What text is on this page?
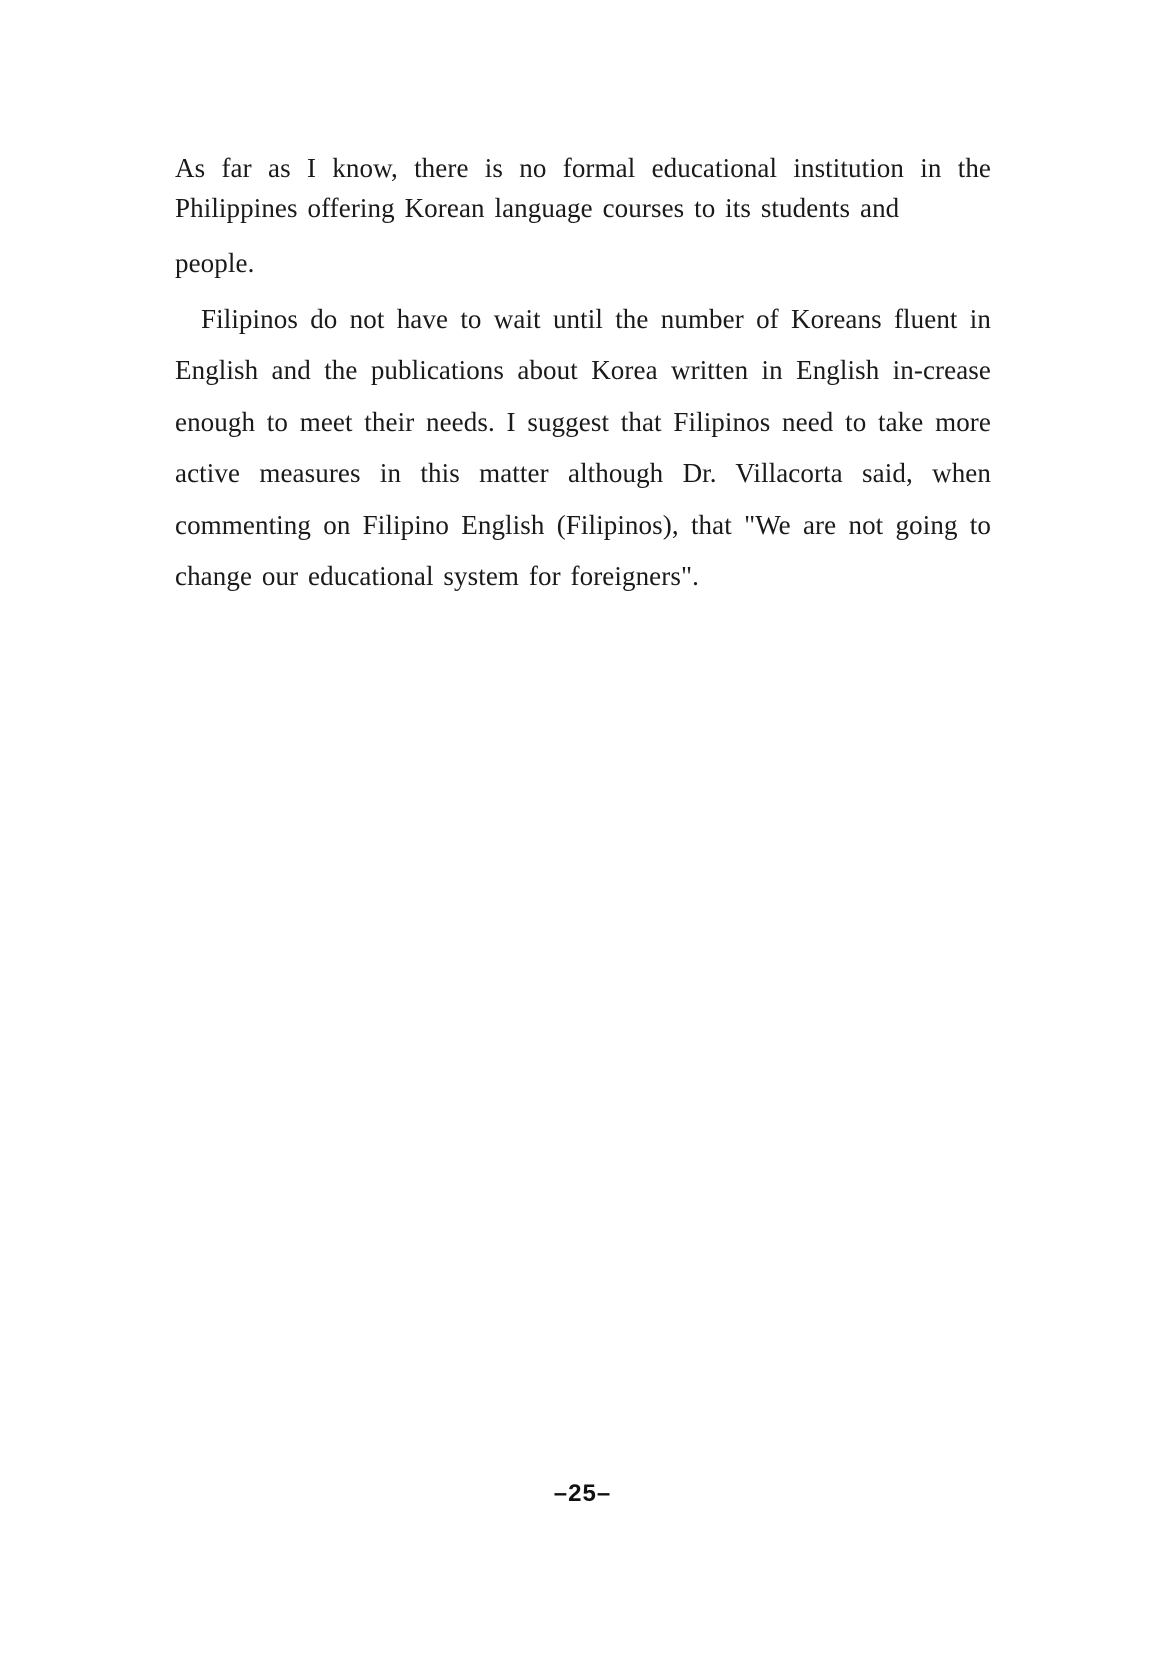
As far as I know, there is no formal educational institution in the Philippines offering Korean language courses to its students and

people.

Filipinos do not have to wait until the number of Koreans fluent in English and the publications about Korea written in English in-crease enough to meet their needs. I suggest that Filipinos need to take more active measures in this matter although Dr. Villacorta said, when commenting on Filipino English (Filipinos), that "We are not going to change our educational system for foreigners".

–25–
